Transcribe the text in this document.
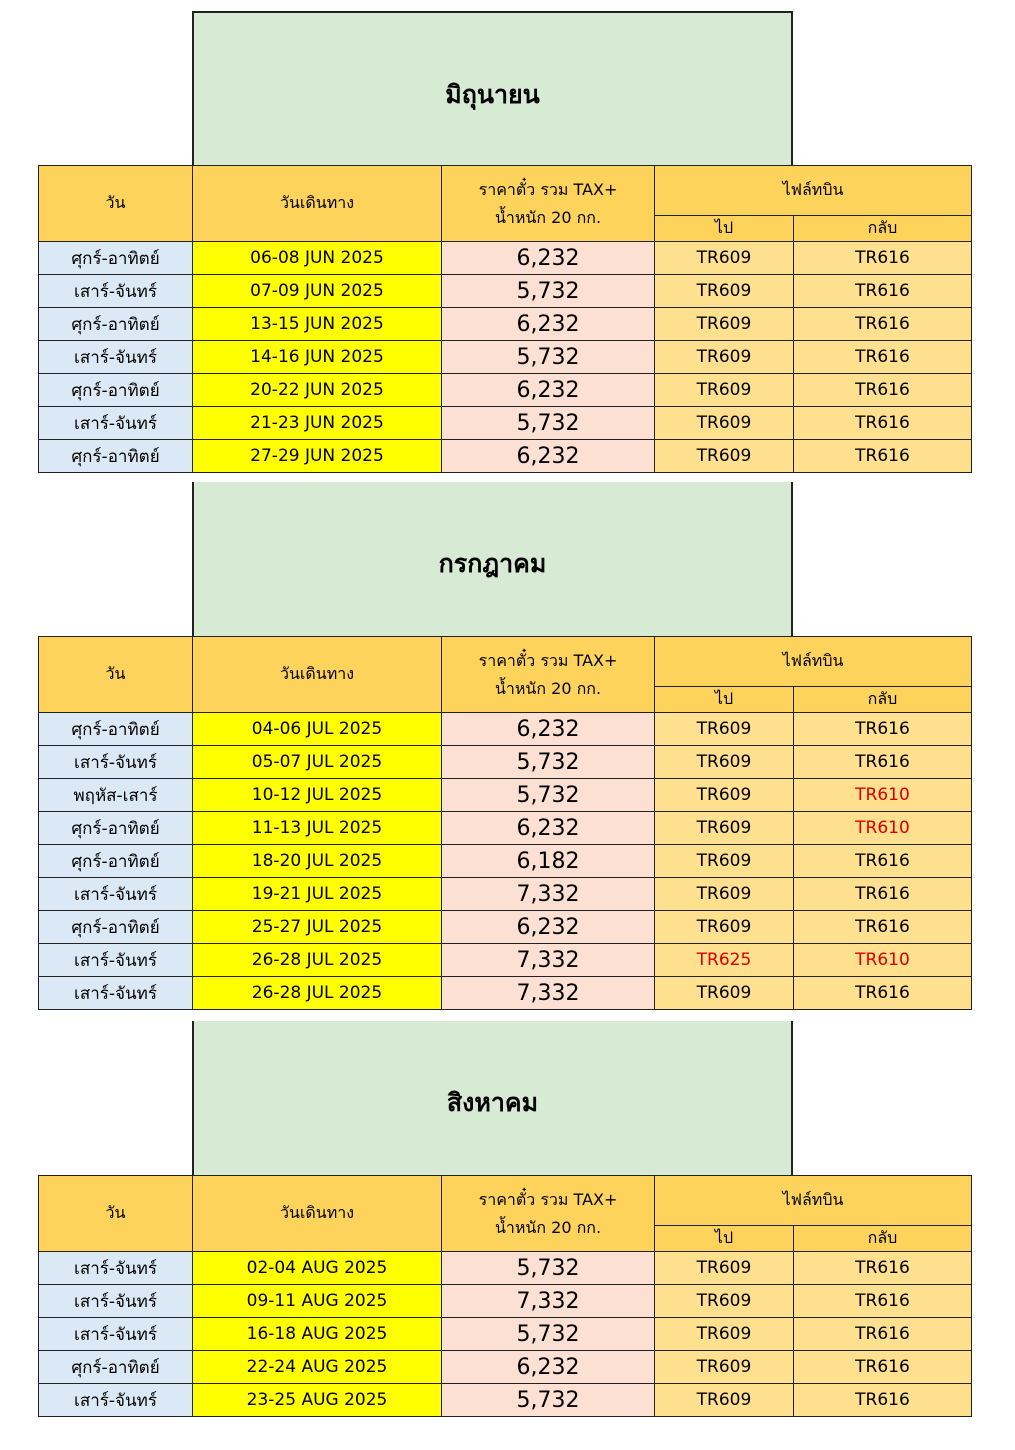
มิถุนายน
วัน	วันเดินทาง	ราคาตั๋ว รวม TAX+
น้ำหนัก 20 กก.	ไฟล์ทบิน	
			ไป	กลับ
ศุกร์-อาทิตย์	06-08 JUN 2025	6,232	TR609	TR616
เสาร์-จันทร์	07-09 JUN 2025	5,732	TR609	TR616
ศุกร์-อาทิตย์	13-15 JUN 2025	6,232	TR609	TR616
เสาร์-จันทร์	14-16 JUN 2025	5,732	TR609	TR616
ศุกร์-อาทิตย์	20-22 JUN 2025	6,232	TR609	TR616
เสาร์-จันทร์	21-23 JUN 2025	5,732	TR609	TR616
ศุกร์-อาทิตย์	27-29 JUN 2025	6,232	TR609	TR616
กรกฎาคม
วัน	วันเดินทาง	ราคาตั๋ว รวม TAX+
น้ำหนัก 20 กก.	ไฟล์ทบิน	
			ไป	กลับ
ศุกร์-อาทิตย์	04-06 JUL 2025	6,232	TR609	TR616
เสาร์-จันทร์	05-07 JUL 2025	5,732	TR609	TR616
พฤหัส-เสาร์	10-12 JUL 2025	5,732	TR609	TR610
ศุกร์-อาทิตย์	11-13 JUL 2025	6,232	TR609	TR610
ศุกร์-อาทิตย์	18-20 JUL 2025	6,182	TR609	TR616
เสาร์-จันทร์	19-21 JUL 2025	7,332	TR609	TR616
ศุกร์-อาทิตย์	25-27 JUL 2025	6,232	TR609	TR616
เสาร์-จันทร์	26-28 JUL 2025	7,332	TR625	TR610
เสาร์-จันทร์	26-28 JUL 2025	7,332	TR609	TR616
สิงหาคม
วัน	วันเดินทาง	ราคาตั๋ว รวม TAX+
น้ำหนัก 20 กก.	ไฟล์ทบิน	
			ไป	กลับ
เสาร์-จันทร์	02-04 AUG 2025	5,732	TR609	TR616
เสาร์-จันทร์	09-11 AUG 2025	7,332	TR609	TR616
เสาร์-จันทร์	16-18 AUG 2025	5,732	TR609	TR616
ศุกร์-อาทิตย์	22-24 AUG 2025	6,232	TR609	TR616
เสาร์-จันทร์	23-25 AUG 2025	5,732	TR609	TR616
